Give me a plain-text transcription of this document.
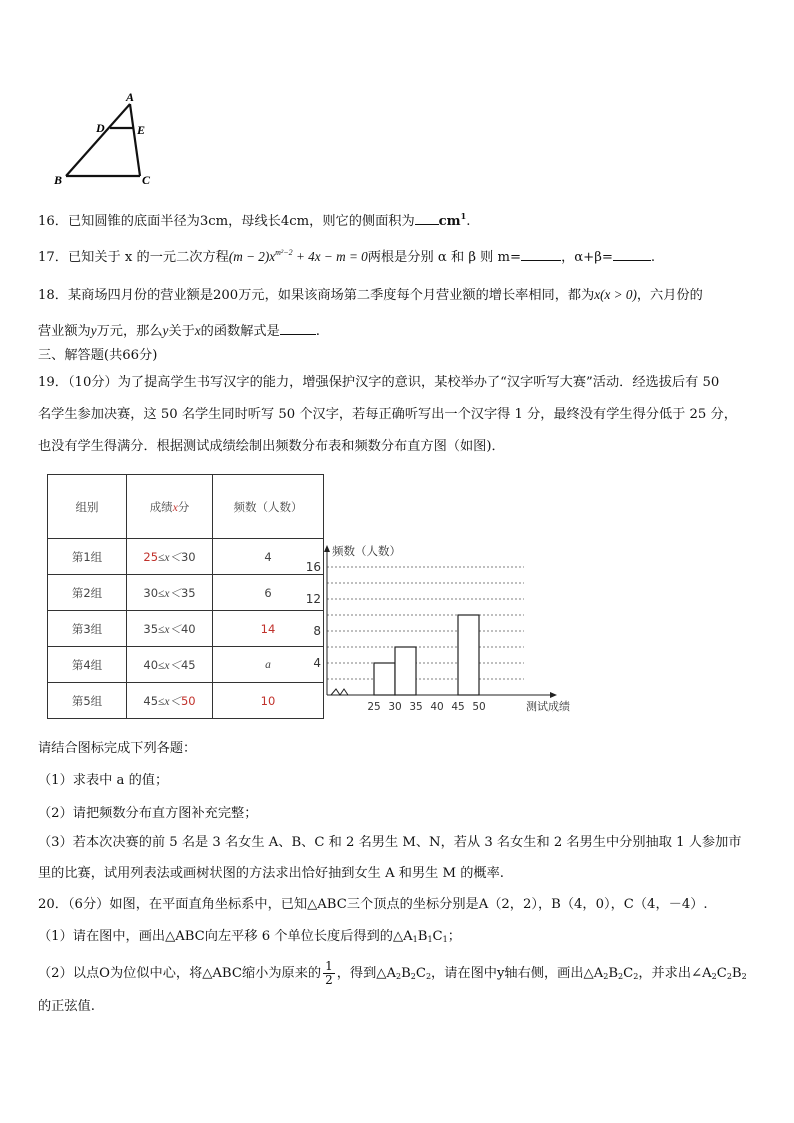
A
D	E
B	C
16．已知圆锥的底面半径为3cm，母线长4cm，则它的侧面积为 $cm^1$.
17．已知关于 x 的一元二次方程$(m - 2)x^{m^2-2} + 4x - m = 0$两根是分别 α 和 β 则 m=	，α+β=	.
18．某商场四月份的营业额是200万元，如果该商场第二季度每个月营业额的增长率相同，都为x(x > 0)，六月份的
营业额为y万元，那么y关于x的函数解式是	.
三、解答题(共66分)
19．（10分）为了提高学生书写汉字的能力，增强保护汉字的意识，某校举办了“汉字听写大赛”活动．经选拔后有 50
名学生参加决赛，这 50 名学生同时听写 50 个汉字，若每正确听写出一个汉字得 1 分，最终没有学生得分低于 25 分，
也没有学生得满分．根据测试成绩绘制出频数分布表和频数分布直方图（如图)．
组别	成绩x分	频数（人数）
第1组	25≤x＜30	4
第2组	30≤x＜35	6
第3组	35≤x＜40	14
第4组	40≤x＜45	a
第5组	45≤x＜50	10
4
8
12
16
25 30 35 40 45 50
频数（人数）
测试成绩
请结合图标完成下列各题：
（1）求表中 a 的值；
（2）请把频数分布直方图补充完整；
（3）若本次决赛的前 5 名是 3 名女生 A、B、C 和 2 名男生 M、N，若从 3 名女生和 2 名男生中分别抽取 1 人参加市
里的比赛，试用列表法或画树状图的方法求出恰好抽到女生 A 和男生 M 的概率.
20．（6分）如图，在平面直角坐标系中，已知△ABC三个顶点的坐标分别是A（2，2），B（4，0），C（4，－4）.
（1）请在图中，画出△ABC向左平移 6 个单位长度后得到的$\triangle A_1B_1C_1$；
（2）以点O为位似中心，将△ABC缩小为原来的 $\frac{1}{2}$ ，得到$\triangle A_2B_2C_2$，请在图中y轴右侧，画出$\triangle A_2B_2C_2$，并求出$\angle A_2C_2B_2$
的正弦值.
